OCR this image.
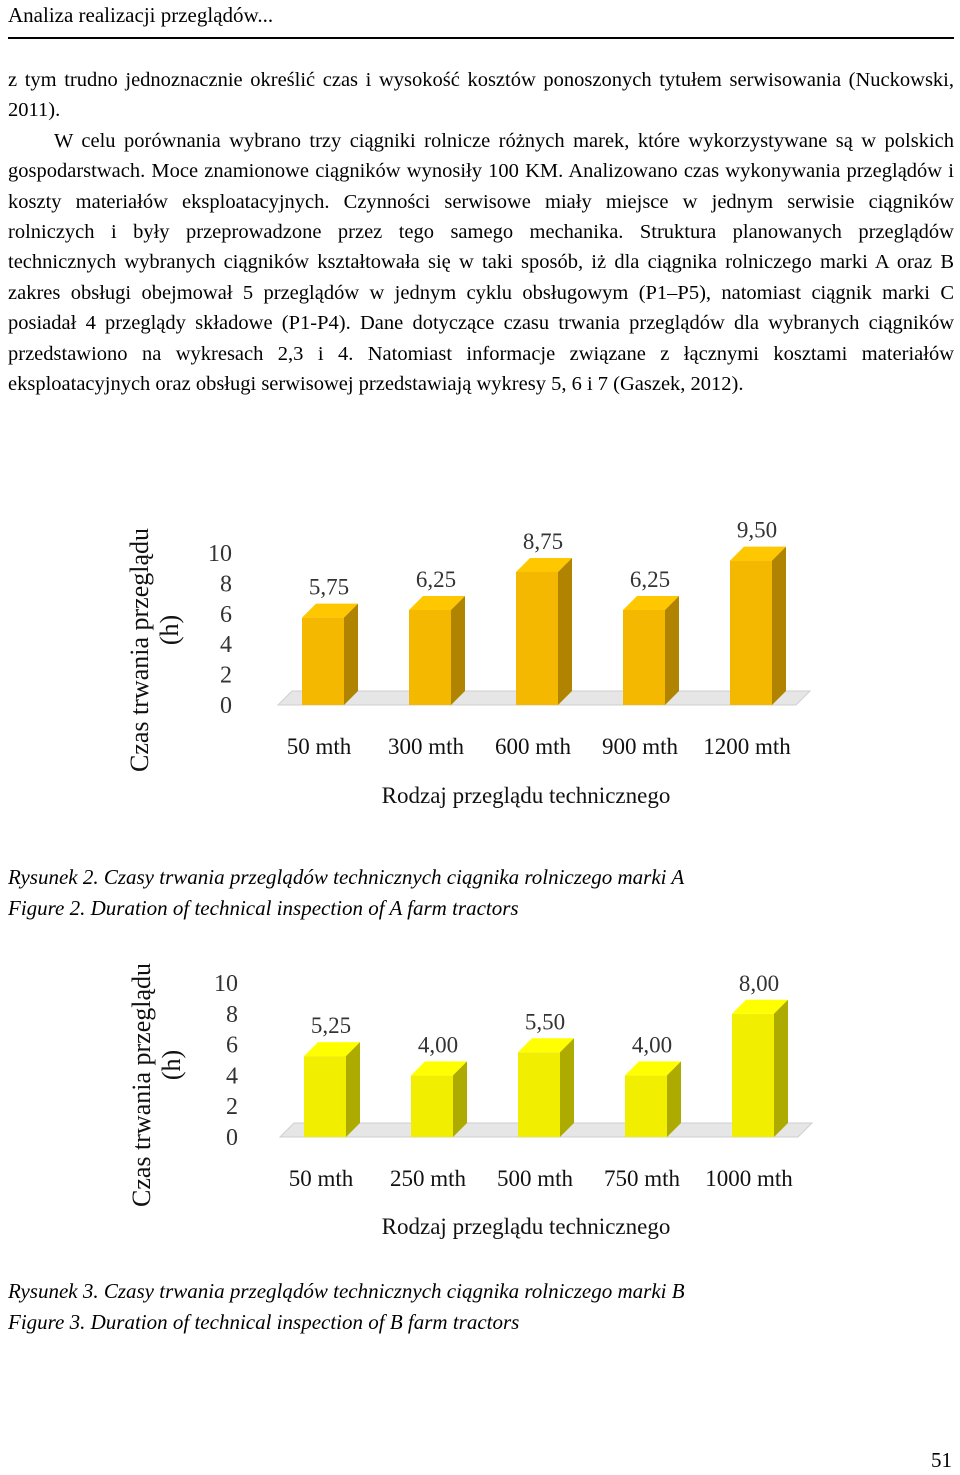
Analiza realizacji przeglądów...

z tym trudno jednoznacznie określić czas i wysokość kosztów ponoszonych tytułem serwisowania (Nuckowski, 2011).

W celu porównania wybrano trzy ciągniki rolnicze różnych marek, które wykorzystywane są w polskich gospodarstwach. Moce znamionowe ciągników wynosiły 100 KM. Analizowano czas wykonywania przeglądów i koszty materiałów eksploatacyjnych. Czynności serwisowe miały miejsce w jednym serwisie ciągników rolniczych i były przeprowadzone przez tego samego mechanika. Struktura planowanych przeglądów technicznych wybranych ciągników kształtowała się w taki sposób, iż dla ciągnika rolniczego marki A oraz B zakres obsługi obejmował 5 przeglądów w jednym cyklu obsługowym (P1–P5), natomiast ciągnik marki C posiadał 4 przeglądy składowe (P1-P4). Dane dotyczące czasu trwania przeglądów dla wybranych ciągników przedstawiono na wykresach 2,3 i 4. Natomiast informacje związane z łącznymi kosztami materiałów eksploatacyjnych oraz obsługi serwisowej przedstawiają wykresy 5, 6 i 7 (Gaszek, 2012).

0
2
4
6
8
10
5,75
50 mth
6,25
300 mth
8,75
600 mth
6,25
900 mth
9,50
1200 mth
Rodzaj przeglądu technicznego
Czas trwania przeglądu (h)
Rysunek 2. Czasy trwania przeglądów technicznych ciągnika rolniczego marki A
Figure 2. Duration of technical inspection of A farm tractors
0
2
4
6
8
10
5,25
50 mth
4,00
250 mth
5,50
500 mth
4,00
750 mth
8,00
1000 mth
Rodzaj przeglądu technicznego
Czas trwania przeglądu (h)
Rysunek 3. Czasy trwania przeglądów technicznych ciągnika rolniczego marki B
Figure 3. Duration of technical inspection of B farm tractors
51
